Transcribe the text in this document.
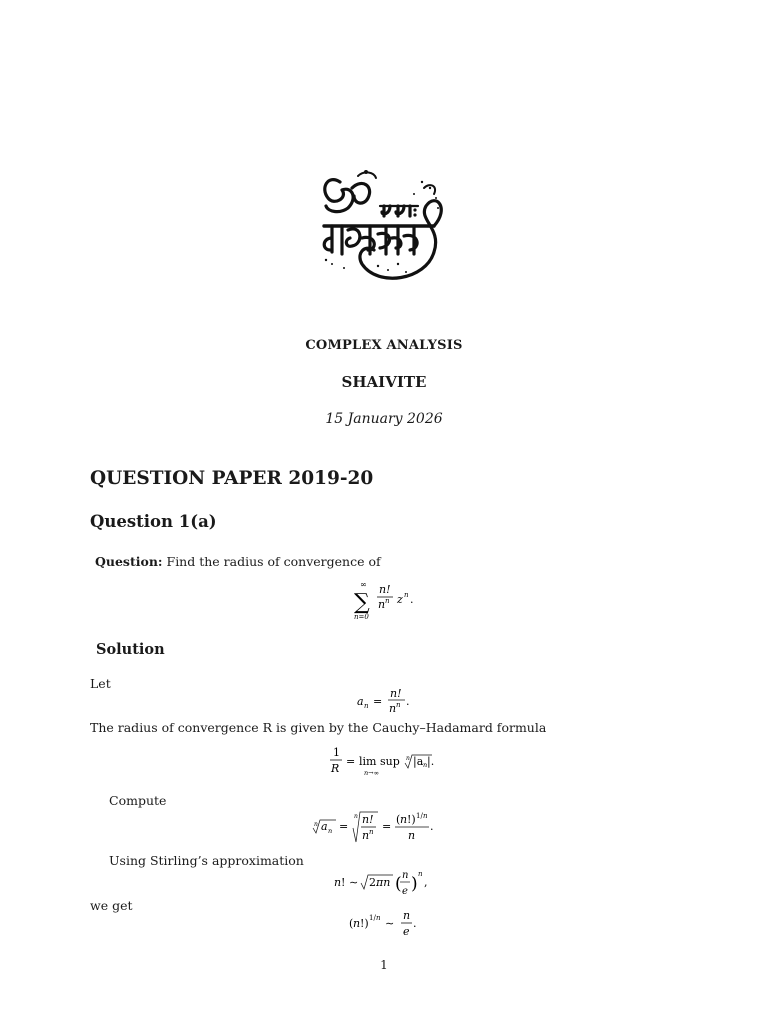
COMPLEX ANALYSIS
SHAIVITE
15 January 2026
QUESTION PAPER 2019-20
Question 1(a)
Question: Find the radius of convergence of
∞
∑
n=0
n!
n n z n .
Solution
Let
a n =
n!
n n .
The radius of convergence R is given by the Cauchy–Hadamard formula
1
R
= lim sup
n→∞
n |a n |.
Compute
n a n =
n n!
n n =
( n !) 1/ n
n
.
Using Stirling’s approximation
n ! ∼ 2 πn ( n
e ) n
,
we get
( n !) 1/ n ∼
n
e
.
1
